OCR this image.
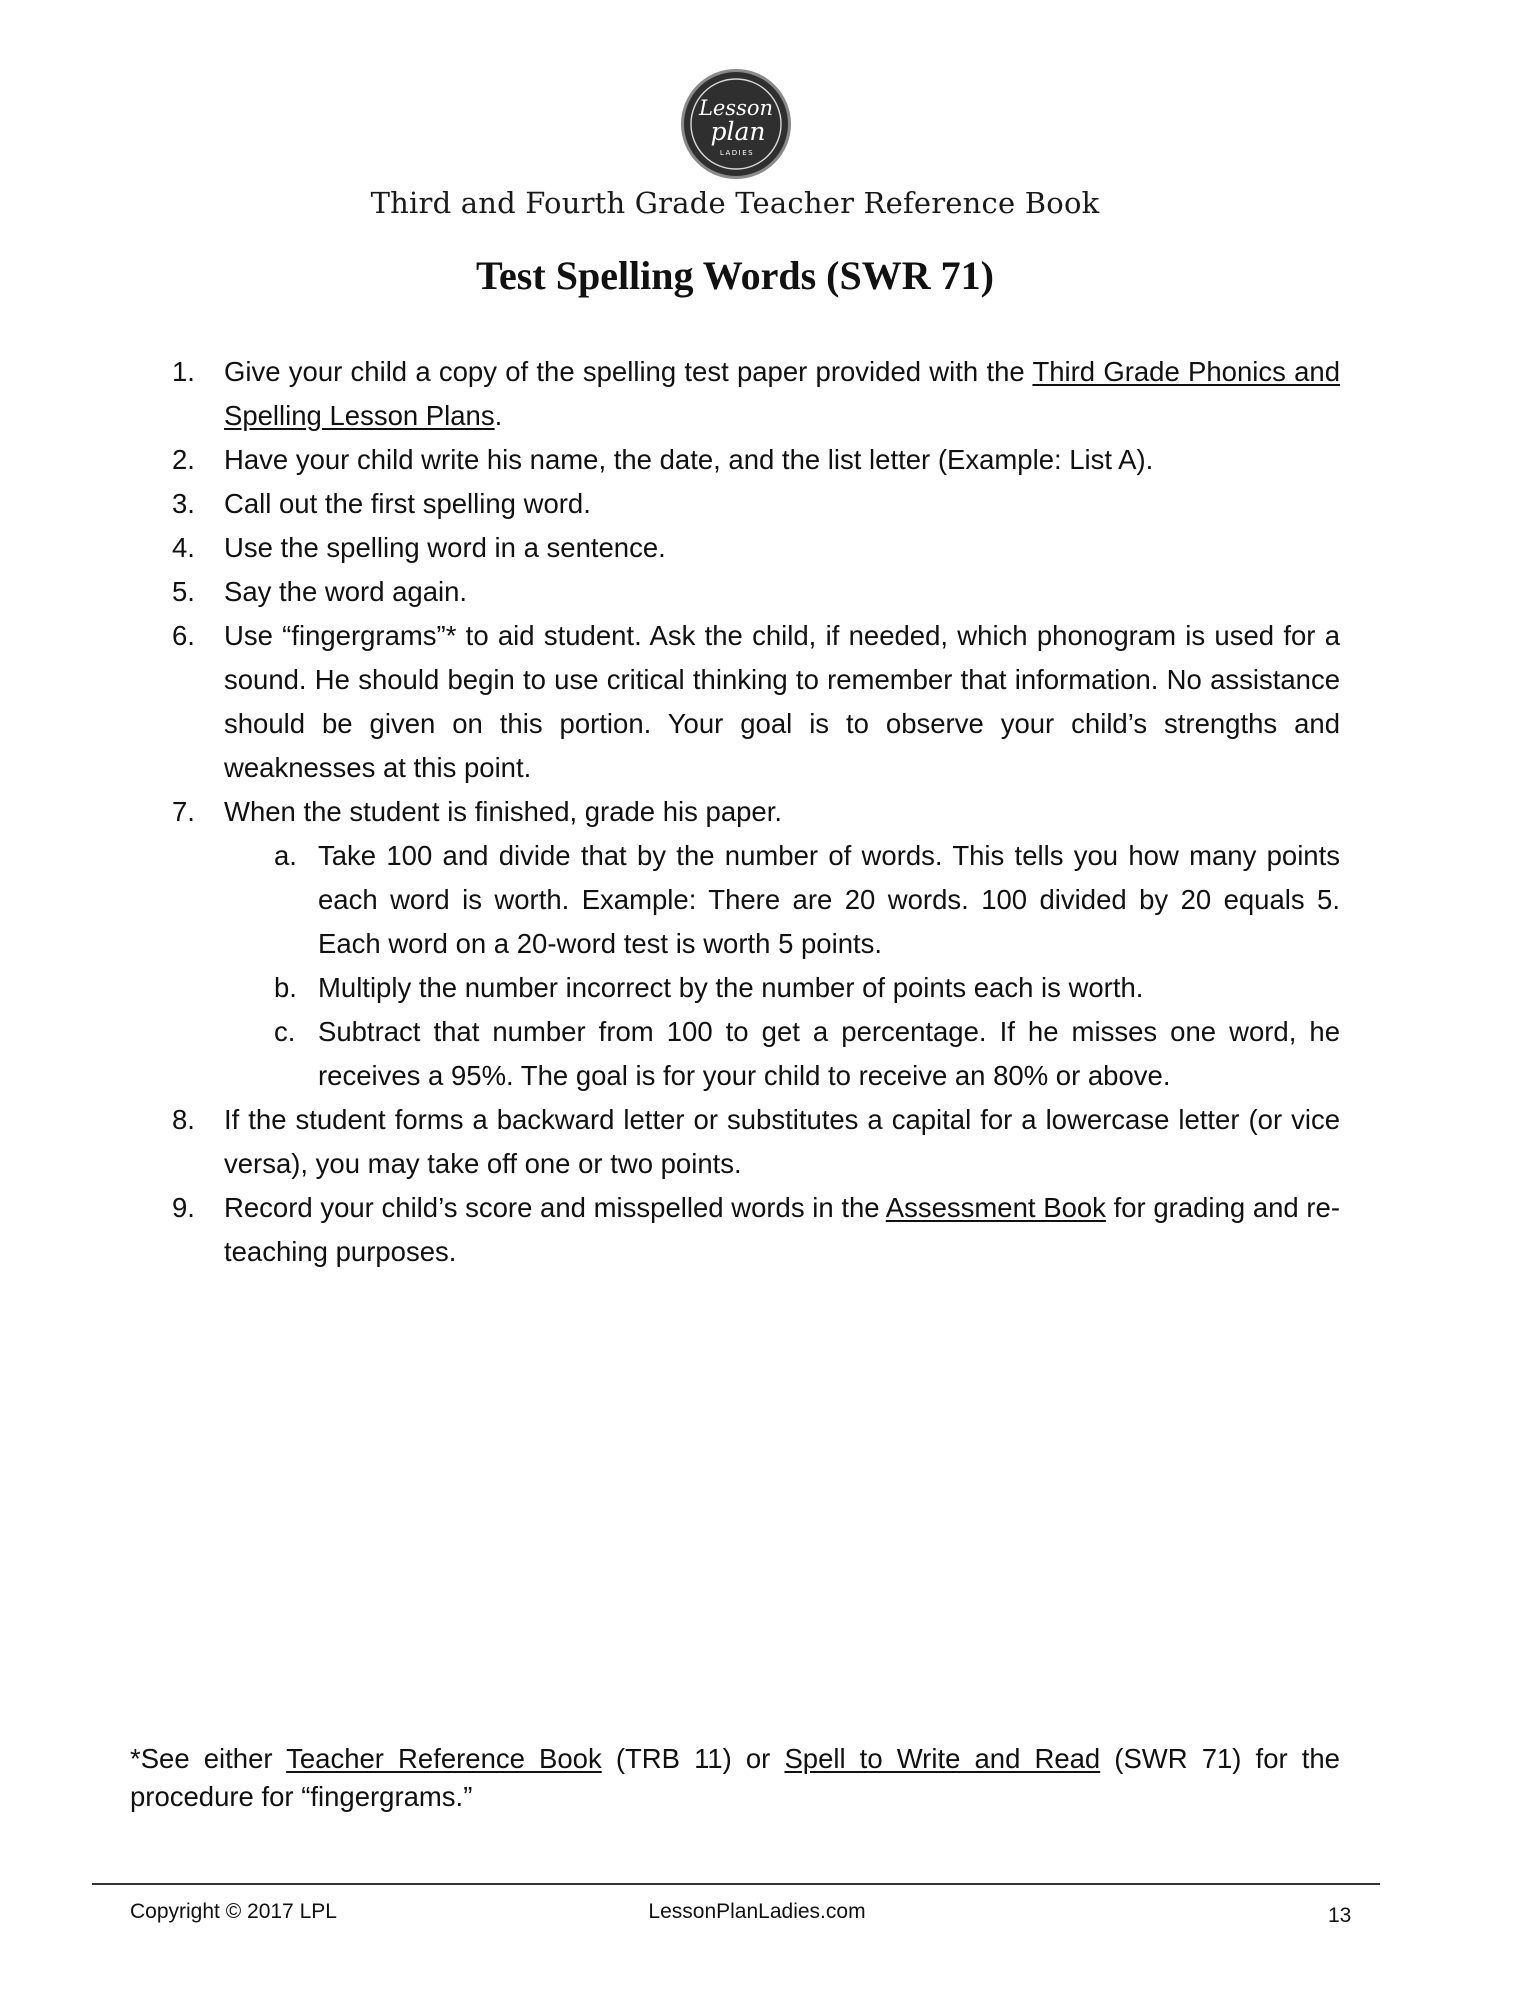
Lesson
plan
LADIES
Third and Fourth Grade Teacher Reference Book
Test Spelling Words (SWR 71)
1.	Give your child a copy of the spelling test paper provided with the Third Grade Phonics and Spelling Lesson Plans.
2.	Have your child write his name, the date, and the list letter (Example: List A).
3.	Call out the first spelling word.
4.	Use the spelling word in a sentence.
5.	Say the word again.
6.	Use “fingergrams”* to aid student. Ask the child, if needed, which phonogram is used for a sound. He should begin to use critical thinking to remember that information. No assistance should be given on this portion. Your goal is to observe your child’s strengths and weaknesses at this point.
7.	When the student is finished, grade his paper.
a. Take 100 and divide that by the number of words. This tells you how many points each word is worth. Example: There are 20 words. 100 divided by 20 equals 5. Each word on a 20-word test is worth 5 points.
b. Multiply the number incorrect by the number of points each is worth.
c. Subtract that number from 100 to get a percentage. If he misses one word, he receives a 95%. The goal is for your child to receive an 80% or above.
8.	If the student forms a backward letter or substitutes a capital for a lowercase letter (or vice versa), you may take off one or two points.
9.	Record your child’s score and misspelled words in the Assessment Book for grading and re-teaching purposes.
*See either Teacher Reference Book (TRB 11) or Spell to Write and Read (SWR 71) for the procedure for “fingergrams.”
Copyright © 2017 LPL	LessonPlanLadies.com	13
